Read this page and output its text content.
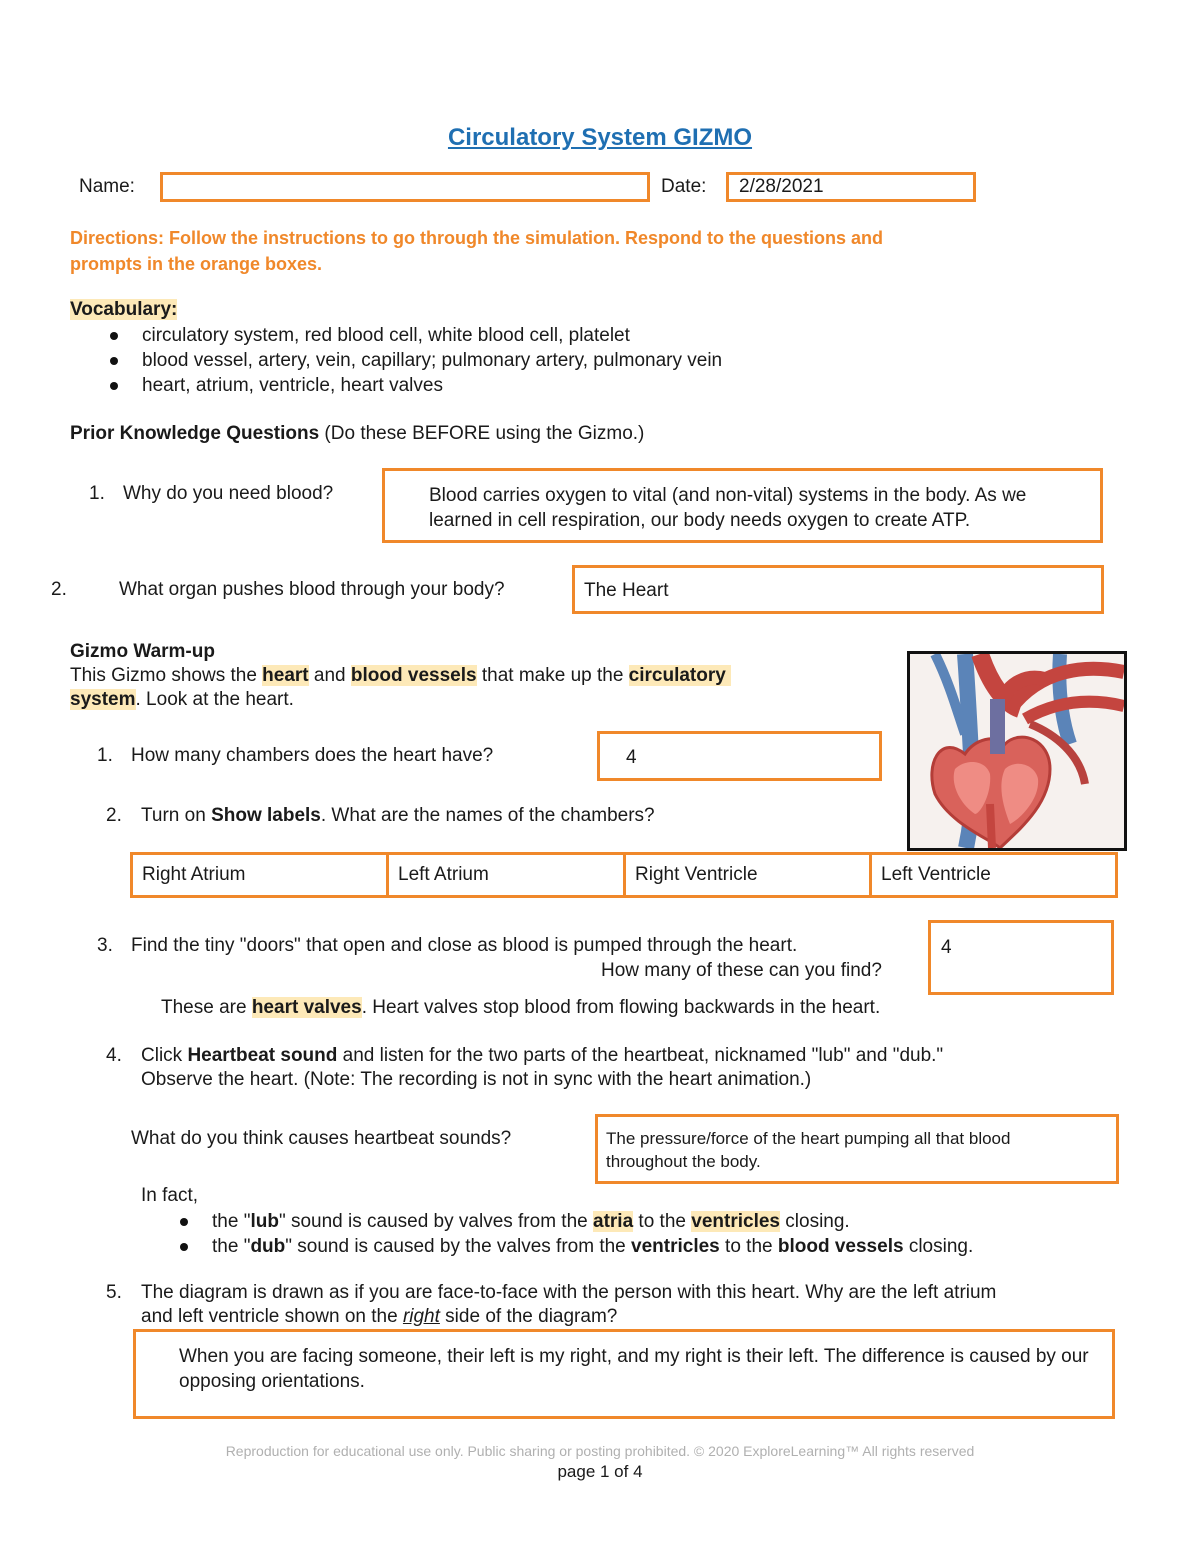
Circulatory System GIZMO
Name:	Date: 2/28/2021
Directions: Follow the instructions to go through the simulation. Respond to the questions and
prompts in the orange boxes.
Vocabulary:
circulatory system, red blood cell, white blood cell, platelet
blood vessel, artery, vein, capillary; pulmonary artery, pulmonary vein
heart, atrium, ventricle, heart valves
Prior Knowledge Questions (Do these BEFORE using the Gizmo.)
1. Why do you need blood?	Blood carries oxygen to vital (and non-vital) systems in the body. As we learned in cell respiration, our body needs oxygen to create ATP.
2.	What organ pushes blood through your body?	The Heart
Gizmo Warm-up
This Gizmo shows the heart and blood vessels that make up the circulatory
system. Look at the heart.
1. How many chambers does the heart have?	4
2. Turn on Show labels. What are the names of the chambers?
Right Atrium	Left Atrium	Right Ventricle	Left Ventricle
3. Find the tiny "doors" that open and close as blood is pumped through the heart.
How many of these can you find?
4
These are heart valves. Heart valves stop blood from flowing backwards in the heart.
4. Click Heartbeat sound and listen for the two parts of the heartbeat, nicknamed "lub" and "dub."
Observe the heart. (Note: The recording is not in sync with the heart animation.)
What do you think causes heartbeat sounds?	The pressure/force of the heart pumping all that blood throughout the body.
In fact,
the "lub" sound is caused by valves from the atria to the ventricles closing.
the "dub" sound is caused by the valves from the ventricles to the blood vessels closing.
5. The diagram is drawn as if you are face-to-face with the person with this heart. Why are the left atrium
and left ventricle shown on the right side of the diagram?
When you are facing someone, their left is my right, and my right is their left. The difference is caused by our opposing orientations.
Reproduction for educational use only. Public sharing or posting prohibited. © 2020 ExploreLearning™ All rights reserved
page 1 of 4
